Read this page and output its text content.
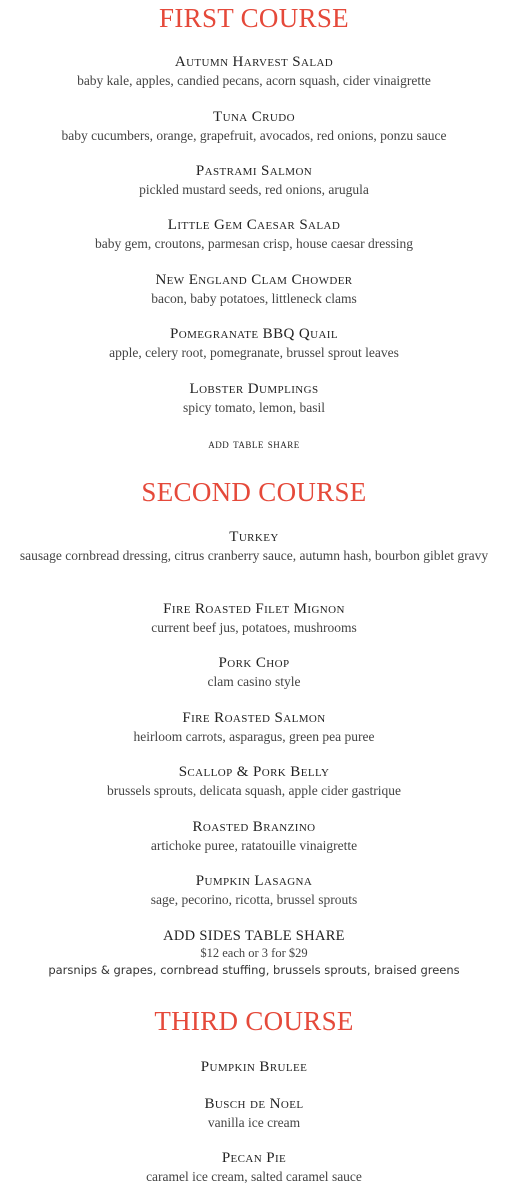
FIRST COURSE

Autumn Harvest Salad

baby kale, apples, candied pecans, acorn squash, cider vinaigrette

Tuna Crudo

baby cucumbers, orange, grapefruit, avocados, red onions, ponzu sauce

Pastrami Salmon

pickled mustard seeds, red onions, arugula

Little Gem Caesar Salad

baby gem, croutons, parmesan crisp, house caesar dressing

New England Clam Chowder

bacon, baby potatoes, littleneck clams

Pomegranate BBQ Quail

apple, celery root, pomegranate, brussel sprout leaves

Lobster Dumplings

spicy tomato, lemon, basil

add table share

SECOND COURSE

Turkey

sausage cornbread dressing, citrus cranberry sauce, autumn hash, bourbon giblet gravy

Fire Roasted Filet Mignon

current beef jus, potatoes, mushrooms

Pork Chop

clam casino style

Fire Roasted Salmon

heirloom carrots, asparagus, green pea puree

Scallop & Pork Belly

brussels sprouts, delicata squash, apple cider gastrique

Roasted Branzino

artichoke puree, ratatouille vinaigrette

Pumpkin Lasagna

sage, pecorino, ricotta, brussel sprouts

ADD SIDES TABLE SHARE

$12 each or 3 for $29

parsnips & grapes, cornbread stuffing, brussels sprouts, braised greens

THIRD COURSE

Pumpkin Brulee

Busch de Noel

vanilla ice cream

Pecan Pie

caramel ice cream, salted caramel sauce
